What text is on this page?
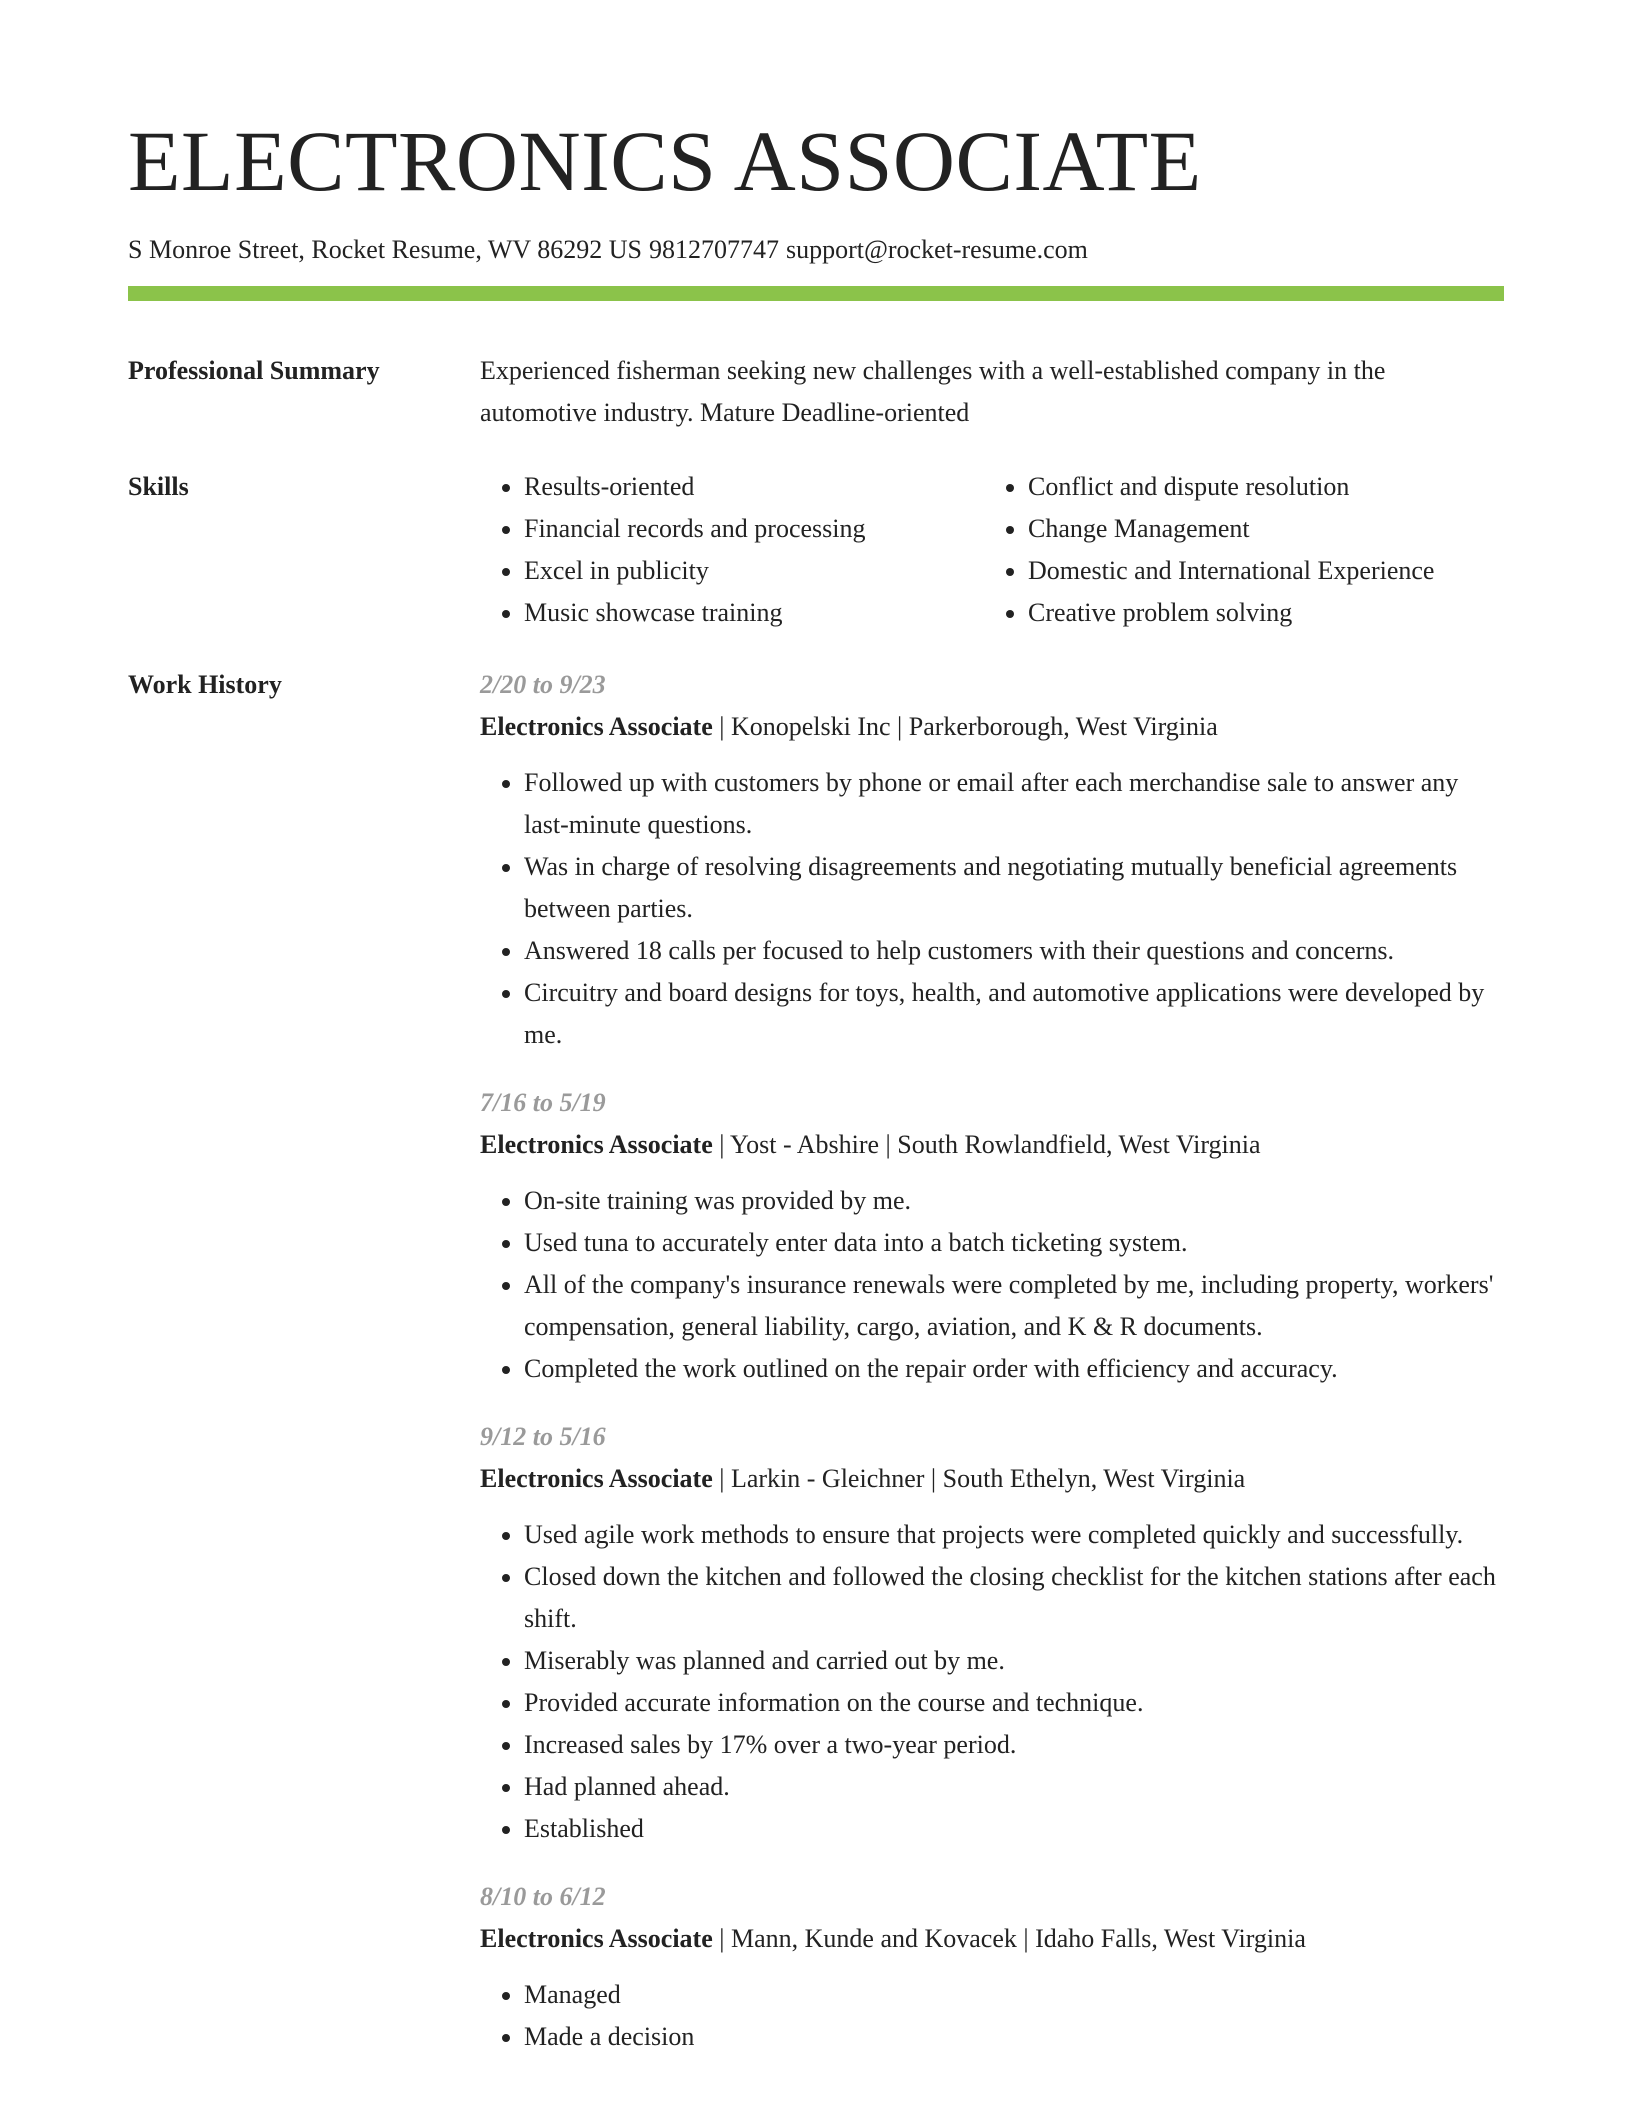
ELECTRONICS ASSOCIATE
S Monroe Street, Rocket Resume, WV 86292 US 9812707747 support@rocket-resume.com
Professional Summary	Experienced fisherman seeking new challenges with a well-established company in the automotive industry. Mature Deadline-oriented

Skills
•	Results-oriented
• Financial records and processing
• Excel in publicity
• Music showcase training
• Conflict and dispute resolution
• Change Management
• Domestic and International Experience
• Creative problem solving
Work History	2/20 to 9/23
Electronics Associate | Konopelski Inc | Parkerborough, West Virginia
• Followed up with customers by phone or email after each merchandise sale to answer any last-minute questions.
• Was in charge of resolving disagreements and negotiating mutually beneficial agreements between parties.
• Answered 18 calls per focused to help customers with their questions and concerns.
• Circuitry and board designs for toys, health, and automotive applications were developed by me.
7/16 to 5/19
Electronics Associate | Yost - Abshire | South Rowlandfield, West Virginia
• On-site training was provided by me.
• Used tuna to accurately enter data into a batch ticketing system.
• All of the company's insurance renewals were completed by me, including property, workers' compensation, general liability, cargo, aviation, and K & R documents.
• Completed the work outlined on the repair order with efficiency and accuracy.
9/12 to 5/16
Electronics Associate | Larkin - Gleichner | South Ethelyn, West Virginia
• Used agile work methods to ensure that projects were completed quickly and successfully.
• Closed down the kitchen and followed the closing checklist for the kitchen stations after each shift.
• Miserably was planned and carried out by me.
• Provided accurate information on the course and technique.
• Increased sales by 17% over a two-year period.
• Had planned ahead.
• Established
8/10 to 6/12
Electronics Associate | Mann, Kunde and Kovacek | Idaho Falls, West Virginia
• Managed
• Made a decision
